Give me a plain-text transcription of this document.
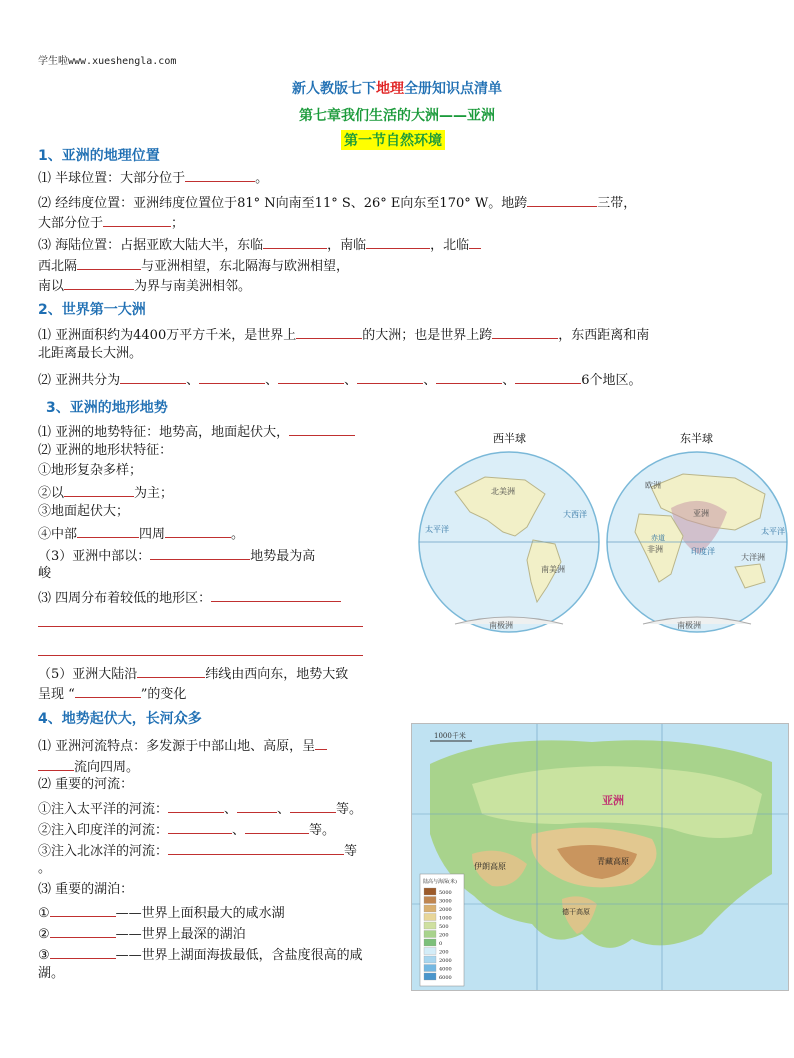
学生啦www.xueshengla.com
新人教版七下地理全册知识点清单
第七章我们生活的大洲——亚洲
第一节自然环境
1、亚洲的地理位置
⑴ 半球位置：大部分位于	。
⑵ 经纬度位置：亚洲纬度位置位于81° N向南至11° S、26° E向东至170° W。地跨	三带，
大部分位于	；
⑶ 海陆位置：占据亚欧大陆大半，东临	，南临	，北临
西北隔	与亚洲相望，东北隔海与欧洲相望，
南以	为界与南美洲相邻。
2、世界第一大洲
⑴ 亚洲面积约为4400万平方千米，是世界上	的大洲；也是世界上跨	，东西距离和南
北距离最长大洲。
⑵ 亚洲共分为	、	、	、	、	、	6个地区。
3、亚洲的地形地势
⑴ 亚洲的地势特征：地势高，地面起伏大，
⑵ 亚洲的地形状特征：
①地形复杂多样；
②以	为主；
③地面起伏大；
④中部	四周	。
（3）亚洲中部以：	地势最为高
峻
⑶ 四周分布着较低的地形区：
（5）亚洲大陆沿	纬线由西向东，地势大致
呈现 “	”的变化
4、地势起伏大，长河众多
⑴ 亚洲河流特点：多发源于中部山地、高原，呈
流向四周。
⑵ 重要的河流：
①注入太平洋的河流：	、	、	等。
②注入印度洋的河流：	、	等。
③注入北冰洋的河流：	等
。
⑶ 重要的湖泊：
①	——世界上面积最大的咸水湖
②	——世界上最深的湖泊
③	——世界上湖面海拔最低，含盐度很高的咸
湖。
西半球	东半球
北美洲
南美洲
太平洋
大西洋
南极洲
欧洲
亚洲
非洲
赤道
印度洋
大洋洲
太平洋
南极洲
1000千米
青藏高原
伊朗高原
德干高原
亚洲
陆高与海深(米)
5000
3000
2000
1000
500
200
0
200
2000
4000
6000
